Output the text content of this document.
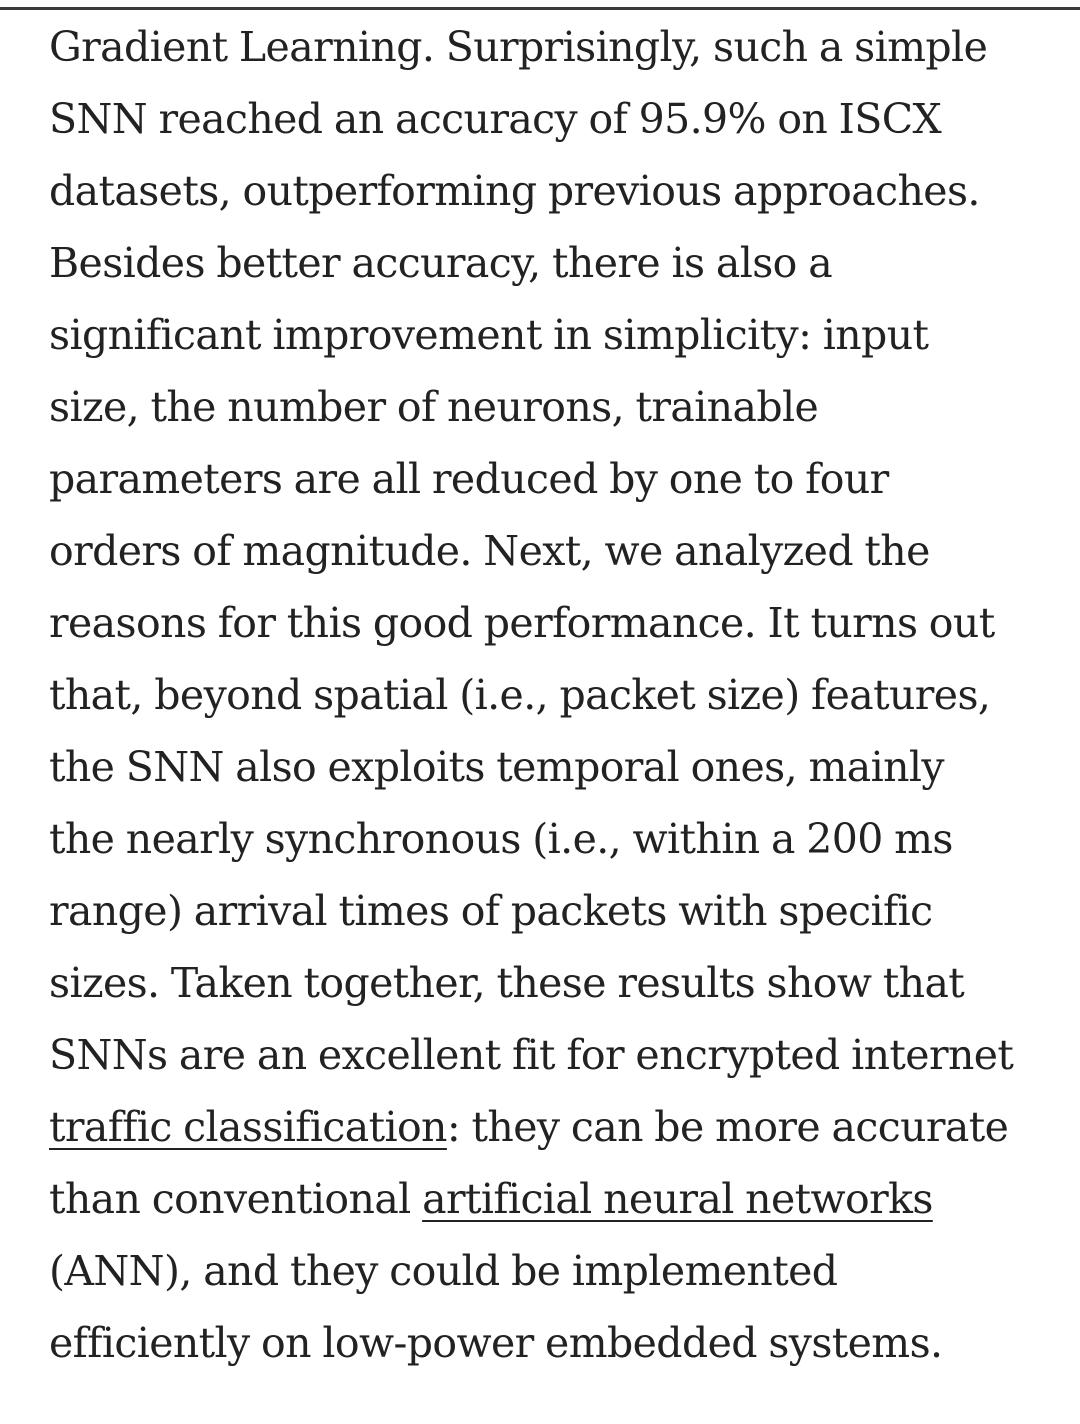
Gradient Learning. Surprisingly, such a simple
SNN reached an accuracy of 95.9% on ISCX
datasets, outperforming previous approaches.
Besides better accuracy, there is also a
significant improvement in simplicity: input
size, the number of neurons, trainable
parameters are all reduced by one to four
orders of magnitude. Next, we analyzed the
reasons for this good performance. It turns out
that, beyond spatial (i.e., packet size) features,
the SNN also exploits temporal ones, mainly
the nearly synchronous (i.e., within a 200 ms
range) arrival times of packets with specific
sizes. Taken together, these results show that
SNNs are an excellent fit for encrypted internet
traffic classification: they can be more accurate
than conventional artificial neural networks
(ANN), and they could be implemented
efficiently on low-power embedded systems.
